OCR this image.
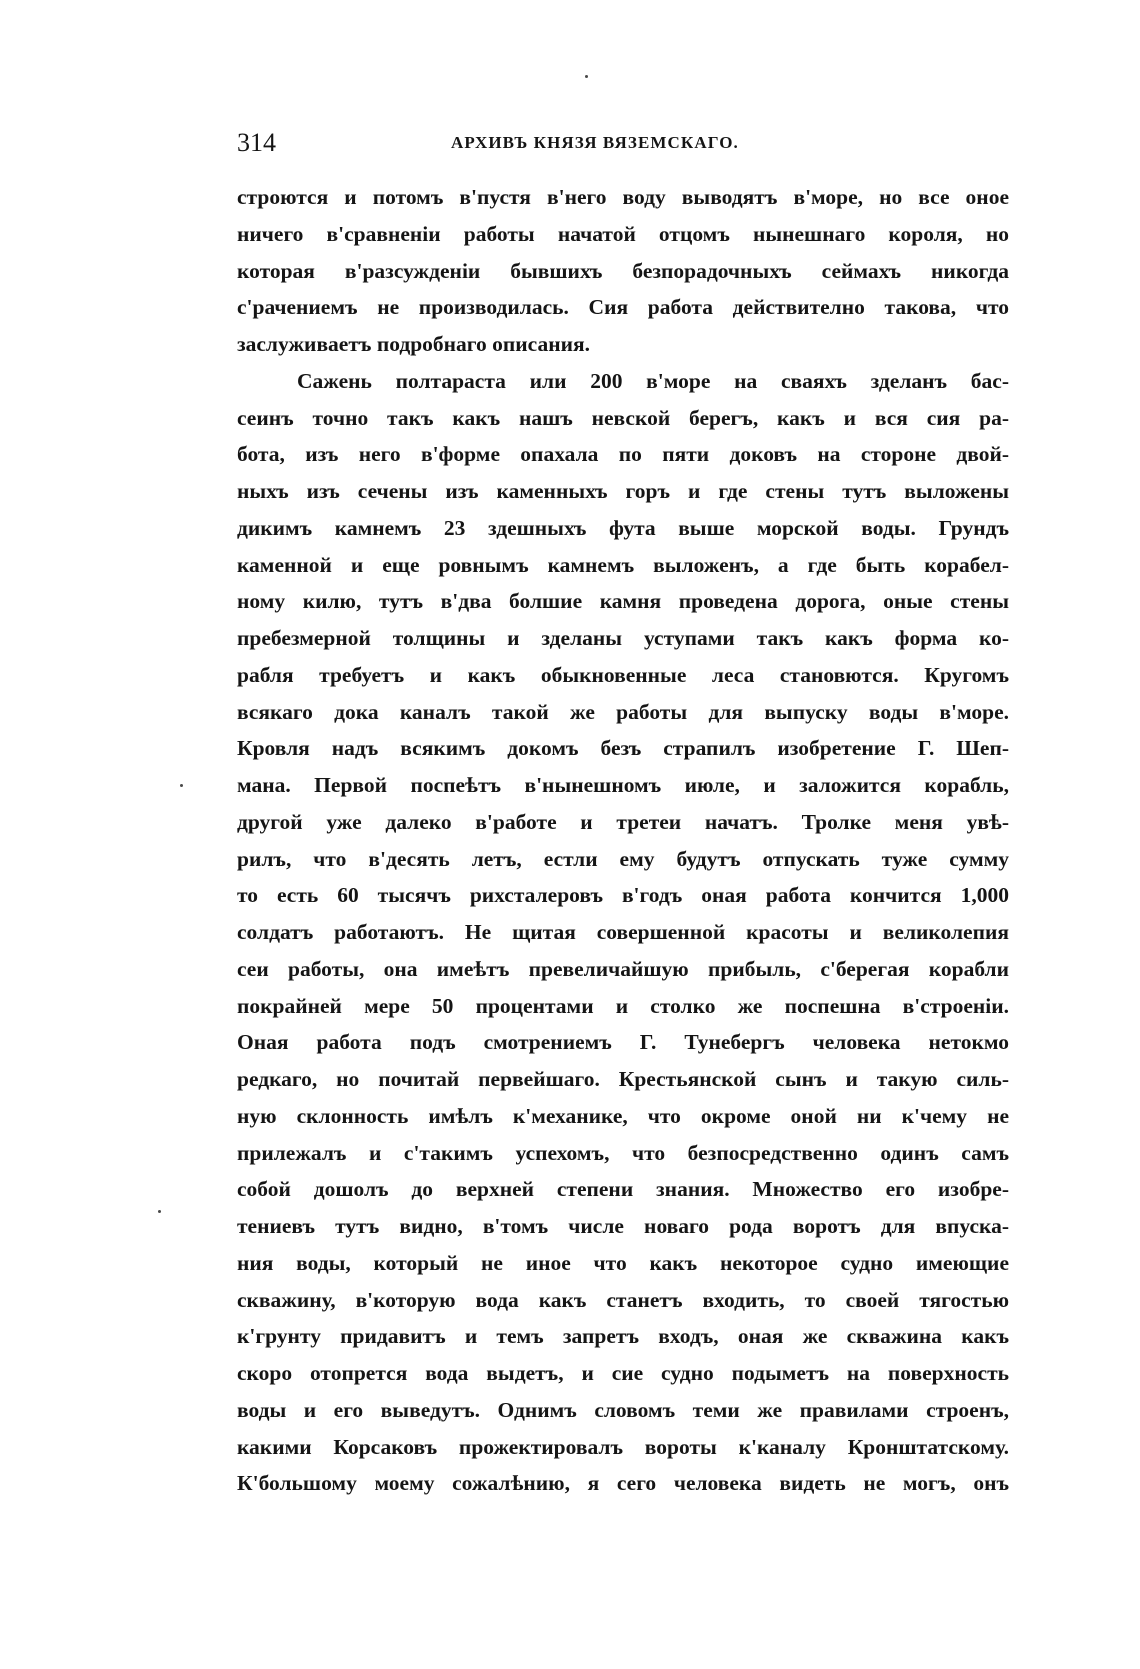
314	АРХИВЪ КНЯЗЯ ВЯЗЕМСКАГО.
строются и потомъ в'пустя в'него воду выводятъ в'море, но все оное
ничего в'сравненіи работы начатой отцомъ нынешнаго короля, но
которая в'разсужденіи бывшихъ безпорадочныхъ сеймахъ никогда
с'рачениемъ не производилась. Сия работа действително такова, что
заслуживаетъ подробнаго описания.
Сажень полтараста или 200 в'море на сваяхъ зделанъ бас-
сеинъ точно такъ какъ нашъ невской берегъ, какъ и вся сия ра-
бота, изъ него в'форме опахала по пяти доковъ на стороне двой-
ныхъ изъ сечены изъ каменныхъ горъ и где стены тутъ выложены
дикимъ камнемъ 23 здешныхъ фута выше морской воды. Грундъ
каменной и еще ровнымъ камнемъ выложенъ, а где быть корабел-
ному килю, тутъ в'два болшие камня проведена дорога, оные стены
пребезмерной толщины и зделаны уступами такъ какъ форма ко-
рабля требуетъ и какъ обыкновенные леса становются. Кругомъ
всякаго дока каналъ такой же работы для выпуску воды в'море.
Кровля надъ всякимъ докомъ безъ страпилъ изобретение Г. Шеп-
мана. Первой поспеѣтъ в'нынешномъ июле, и заложится корабль,
другой уже далеко в'работе и третеи начатъ. Тролке меня увѣ-
рилъ, что в'десять летъ, естли ему будутъ отпускать туже сумму
то есть 60 тысячъ рихсталеровъ в'годъ оная работа кончится 1,000
солдатъ работаютъ. Не щитая совершенной красоты и великолепия
сеи работы, она имеѣтъ превеличайшую прибыль, с'берегая корабли
покрайней мере 50 процентами и столко же поспешна в'строеніи.
Оная работа подъ смотрениемъ Г. Тунебергъ человека нетокмо
редкаго, но почитай первейшаго. Крестьянской сынъ и такую силь-
ную склонность имѣлъ к'механике, что окроме оной ни к'чему не
прилежалъ и с'такимъ успехомъ, что безпосредственно одинъ самъ
собой дошолъ до верхней степени знания. Множество его изобре-
тениевъ тутъ видно, в'томъ числе новаго рода воротъ для впуска-
ния воды, который не иное что какъ некоторое судно имеющие
скважину, в'которую вода какъ станетъ входить, то своей тягостью
к'грунту придавитъ и темъ запретъ входъ, оная же скважина какъ
скоро отопрется вода выдетъ, и сие судно подыметъ на поверхность
воды и его выведутъ. Однимъ словомъ теми же правилами строенъ,
какими Корсаковъ прожектировалъ вороты к'каналу Кронштатскому.
К'большому моему сожалѣнию, я сего человека видеть не могъ, онъ
